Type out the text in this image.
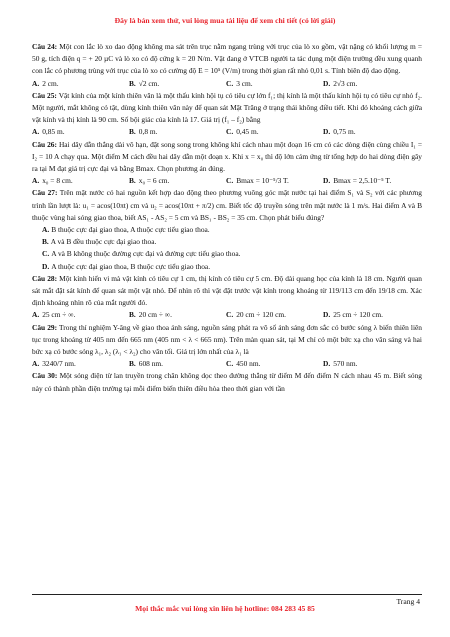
Đây là bản xem thử, vui lòng mua tài liệu để xem chi tiết (có lời giải)

Câu 24: Một con lắc lò xo dao động không ma sát trên trục nằm ngang trùng với trục của lò xo gồm, vật nặng có khối lượng m = 50 g, tích điện q = + 20 µC và lò xo có độ cứng k = 20 N/m. Vật đang ở VTCB người ta tác dụng một điện trường đều xung quanh con lắc có phương trùng với trục của lò xo có cường độ E = 10⁵ (V/m) trong thời gian rất nhỏ 0,01 s. Tính biên độ dao động.

A. 2 cm.	B. √2 cm.	C. 3 cm.	D. 2√3 cm.

Câu 25: Vật kính của một kính thiên văn là một thấu kính hội tụ có tiêu cự lớn f₁; thị kính là một thấu kính hội tụ có tiêu cự nhỏ f₂. Một người, mắt không có tật, dùng kính thiên văn này để quan sát Mặt Trăng ở trạng thái không điều tiết. Khi đó khoảng cách giữa vật kính và thị kính là 90 cm. Số bội giác của kính là 17. Giá trị (f₁ – f₂) bằng

A. 0,85 m.	B. 0,8 m.	C. 0,45 m.	D. 0,75 m.

Câu 26: Hai dây dẫn thẳng dài vô hạn, đặt song song trong không khí cách nhau một đoạn 16 cm có các dòng điện cùng chiều I₁ = I₂ = 10 A chạy qua. Một điểm M cách đều hai dây dẫn một đoạn x. Khi x = x₀ thì độ lớn cảm ứng từ tổng hợp do hai dòng điện gây ra tại M đạt giá trị cực đại và bằng Bmax. Chọn phương án đúng.

A. x₀ = 8 cm.	B. x₀ = 6 cm.	C. Bmax = 10⁻⁵/3 T.	D. Bmax = 2,5.10⁻⁵ T.

Câu 27: Trên mặt nước có hai nguồn kết hợp dao động theo phương vuông góc mặt nước tại hai điểm S₁ và S₂ với các phương trình lần lượt là: u₁ = acos(10πt) cm và u₂ = acos(10πt + π/2) cm. Biết tốc độ truyền sóng trên mặt nước là 1 m/s. Hai điểm A và B thuộc vùng hai sóng giao thoa, biết AS₁ - AS₂ = 5 cm và BS₁ - BS₂ = 35 cm. Chọn phát biểu đúng?

A. B thuộc cực đại giao thoa, A thuộc cực tiểu giao thoa.

B. A và B đều thuộc cực đại giao thoa.

C. A và B không thuộc đường cực đại và đường cực tiểu giao thoa.

D. A thuộc cực đại giao thoa, B thuộc cực tiểu giao thoa.

Câu 28: Một kính hiển vi mà vật kính có tiêu cự 1 cm, thị kính có tiêu cự 5 cm. Độ dài quang học của kính là 18 cm. Người quan sát mắt đặt sát kính để quan sát một vật nhỏ. Để nhìn rõ thì vật đặt trước vật kính trong khoảng từ 119/113 cm đến 19/18 cm. Xác định khoảng nhìn rõ của mắt người đó.

A. 25 cm ÷ ∞.	B. 20 cm ÷ ∞.	C. 20 cm ÷ 120 cm.	D. 25 cm ÷ 120 cm.

Câu 29: Trong thí nghiệm Y-âng về giao thoa ánh sáng, nguồn sáng phát ra vô số ánh sáng đơn sắc có bước sóng λ biến thiên liên tục trong khoảng từ 405 nm đến 665 nm (405 nm < λ < 665 nm). Trên màn quan sát, tại M chỉ có một bức xạ cho vân sáng và hai bức xạ có bước sóng λ₁, λ₂ (λ₁ < λ₂) cho vân tối. Giá trị lớn nhất của λ₁ là

A. 3240/7 nm.	B. 608 nm.	C. 450 nm.	D. 570 nm.

Câu 30: Một sóng điện từ lan truyền trong chân không dọc theo đường thẳng từ điểm M đến điểm N cách nhau 45 m. Biết sóng này có thành phần điện trường tại mỗi điểm biến thiên điều hòa theo thời gian với tần

Trang 4
Mọi thắc mắc vui lòng xin liên hệ hotline: 084 283 45 85
